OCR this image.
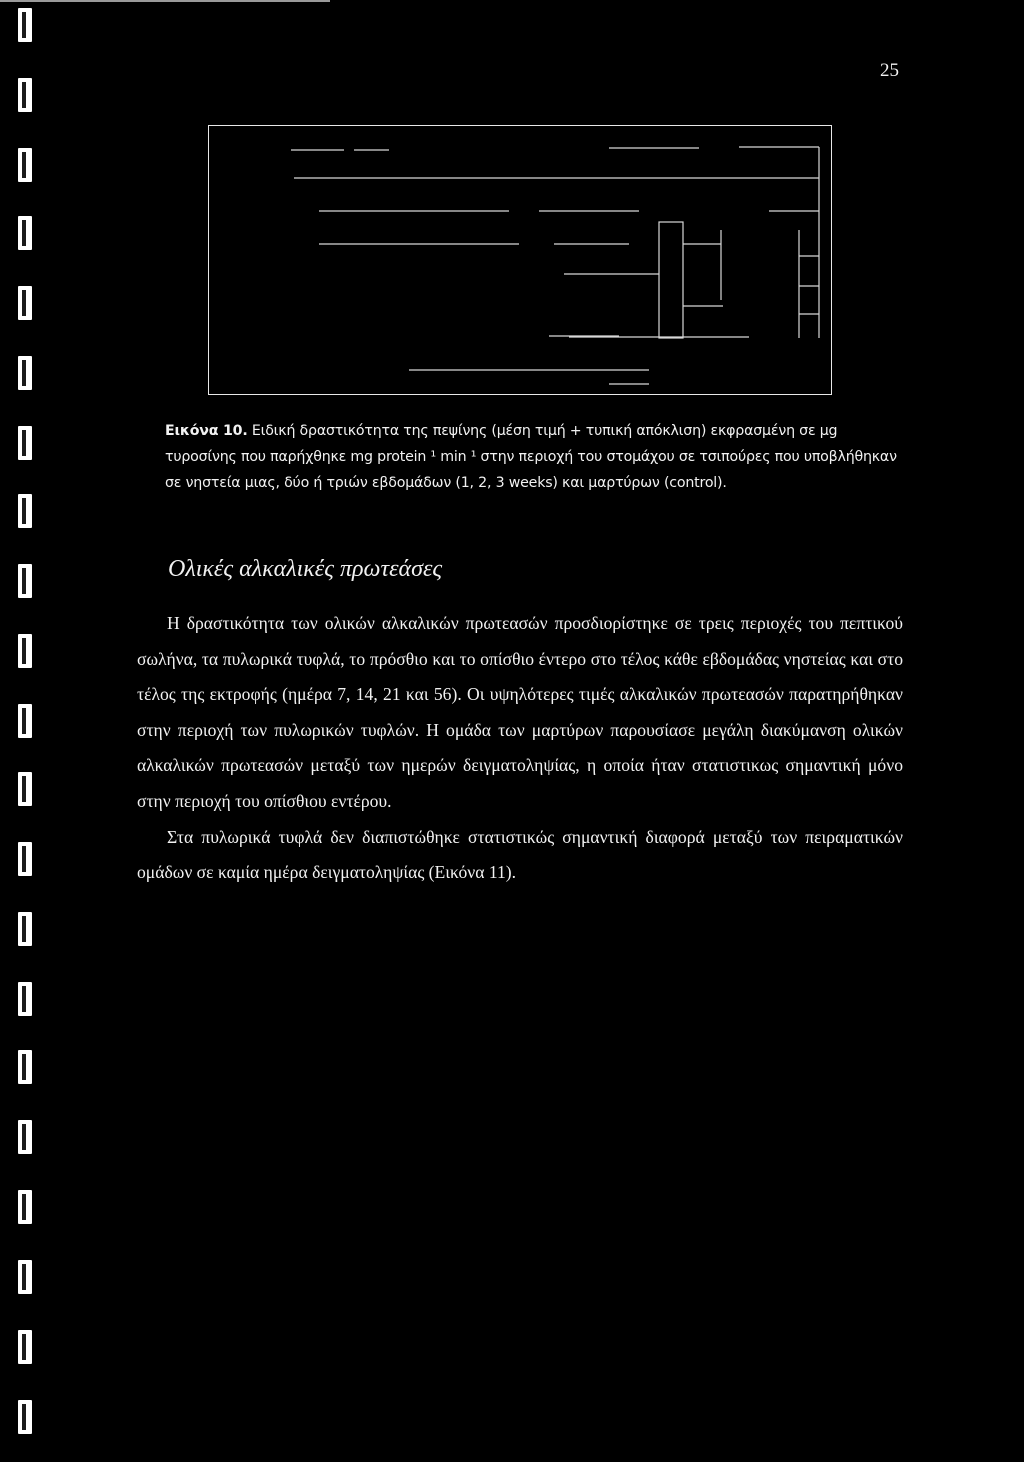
25
Εικόνα 10. Ειδική δραστικότητα της πεψίνης (μέση τιμή + τυπική απόκλιση) εκφρασμένη σε μg τυροσίνης που παρήχθηκε mg protein ¹ min ¹ στην περιοχή του στομάχου σε τσιπούρες που υποβλήθηκαν σε νηστεία μιας, δύο ή τριών εβδομάδων (1, 2, 3 weeks) και μαρτύρων (control).
Ολικές αλκαλικές πρωτεάσες

Η δραστικότητα των ολικών αλκαλικών πρωτεασών προσδιορίστηκε σε τρεις περιοχές του πεπτικού σωλήνα, τα πυλωρικά τυφλά, το πρόσθιο και το οπίσθιο έντερο στο τέλος κάθε εβδομάδας νηστείας και στο τέλος της εκτροφής (ημέρα 7, 14, 21 και 56). Οι υψηλότερες τιμές αλκαλικών πρωτεασών παρατηρήθηκαν στην περιοχή των πυλωρικών τυφλών. Η ομάδα των μαρτύρων παρουσίασε μεγάλη διακύμανση ολικών αλκαλικών πρωτεασών μεταξύ των ημερών δειγματοληψίας, η οποία ήταν στατιστικως σημαντική μόνο στην περιοχή του οπίσθιου εντέρου.

Στα πυλωρικά τυφλά δεν διαπιστώθηκε στατιστικώς σημαντική διαφορά μεταξύ των πειραματικών ομάδων σε καμία ημέρα δειγματοληψίας (Εικόνα 11).
